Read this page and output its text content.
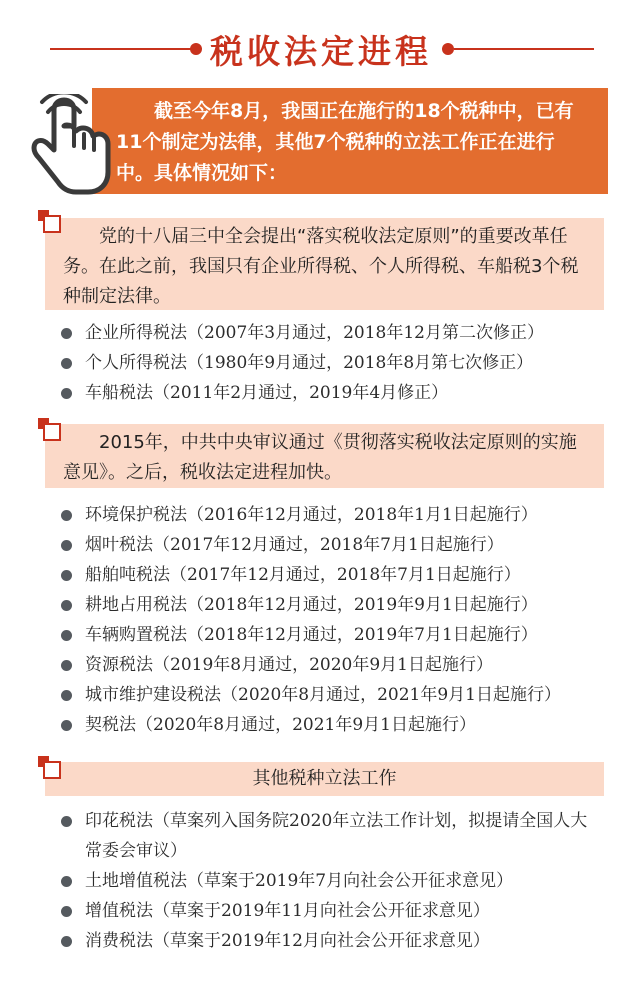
税收法定进程

截至今年8月，我国正在施行的18个税种中，已有11个制定为法律，其他7个税种的立法工作正在进行中。具体情况如下：

党的十八届三中全会提出“落实税收法定原则”的重要改革任务。在此之前，我国只有企业所得税、个人所得税、车船税3个税种制定法律。

企业所得税法（2007年3月通过，2018年12月第二次修正）
个人所得税法（1980年9月通过，2018年8月第七次修正）
车船税法（2011年2月通过，2019年4月修正）

2015年，中共中央审议通过《贯彻落实税收法定原则的实施意见》。之后，税收法定进程加快。

环境保护税法（2016年12月通过，2018年1月1日起施行）
烟叶税法（2017年12月通过，2018年7月1日起施行）
船舶吨税法（2017年12月通过，2018年7月1日起施行）
耕地占用税法（2018年12月通过，2019年9月1日起施行）
车辆购置税法（2018年12月通过，2019年7月1日起施行）
资源税法（2019年8月通过，2020年9月1日起施行）
城市维护建设税法（2020年8月通过，2021年9月1日起施行）
契税法（2020年8月通过，2021年9月1日起施行）
其他税种立法工作
印花税法（草案列入国务院2020年立法工作计划，拟提请全国人大常委会审议）
土地增值税法（草案于2019年7月向社会公开征求意见）
增值税法（草案于2019年11月向社会公开征求意见）
消费税法（草案于2019年12月向社会公开征求意见）
